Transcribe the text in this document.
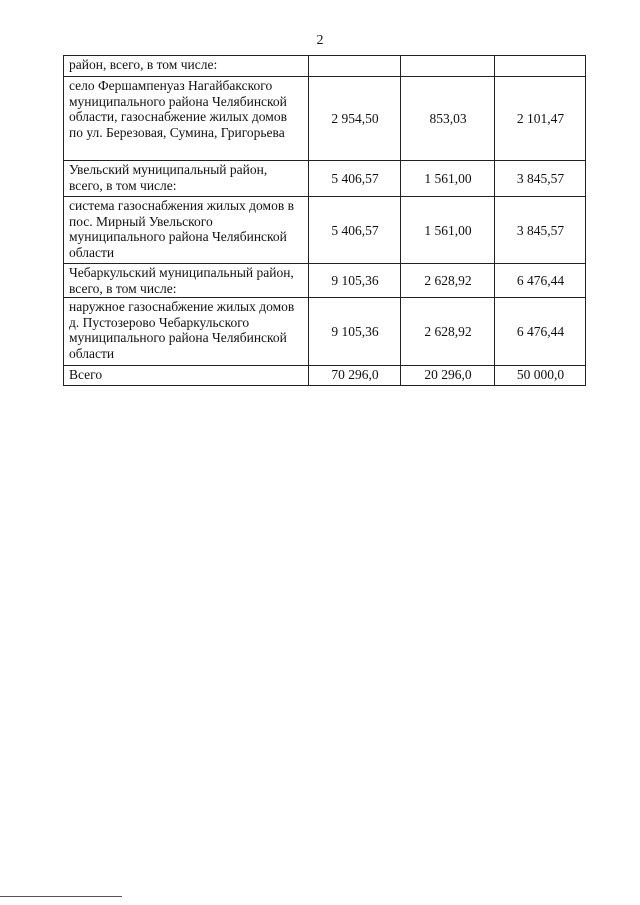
2
район, всего, в том числе:			
село Фершампенуаз Нагайбакского муниципального района Челябинской области, газоснабжение жилых домов по ул. Березовая, Сумина, Григорьева	2 954,50	853,03	2 101,47
Увельский муниципальный район, всего, в том числе:	5 406,57	1 561,00	3 845,57
система газоснабжения жилых домов в пос. Мирный Увельского муниципального района Челябинской области	5 406,57	1 561,00	3 845,57
Чебаркульский муниципальный район, всего, в том числе:	9 105,36	2 628,92	6 476,44
наружное газоснабжение жилых домов д. Пустозерово Чебаркульского муниципального района Челябинской области	9 105,36	2 628,92	6 476,44
Всего	70 296,0	20 296,0	50 000,0
